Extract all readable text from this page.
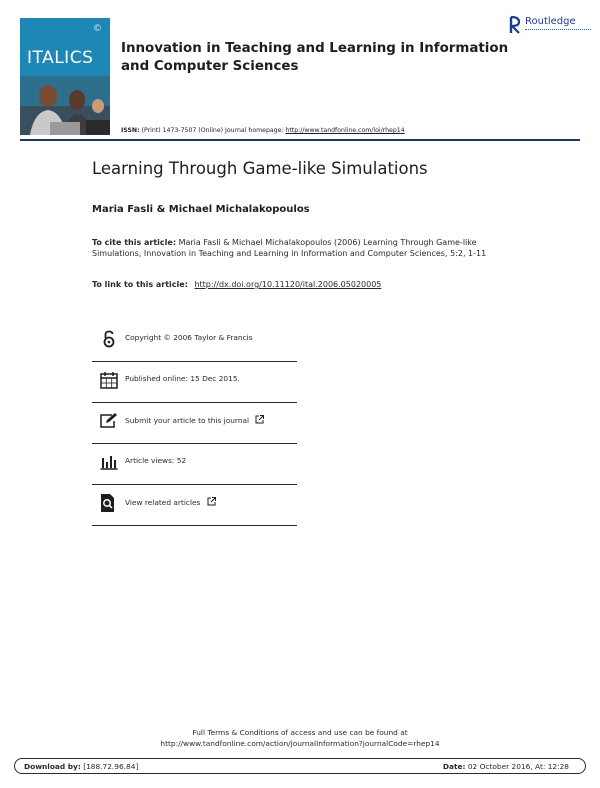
©
ITALICS Innovation in Teaching and Learning in Information and Computer Sciences
Routledge
ISSN: (Print) 1473-7507 (Online) Journal homepage: http://www.tandfonline.com/loi/rhep14
Learning Through Game-like Simulations
Maria Fasli & Michael Michalakopoulos
To cite this article: Maria Fasli & Michael Michalakopoulos (2006) Learning Through Game-like Simulations, Innovation in Teaching and Learning in Information and Computer Sciences, 5:2, 1-11
To link to this article: http://dx.doi.org/10.11120/ital.2006.05020005
Copyright © 2006 Taylor & Francis
Published online: 15 Dec 2015.
Submit your article to this journal
Article views: 52
View related articles
Full Terms & Conditions of access and use can be found at
http://www.tandfonline.com/action/journalInformation?journalCode=rhep14
Download by: [188.72.96.84]	Date: 02 October 2016, At: 12:28
